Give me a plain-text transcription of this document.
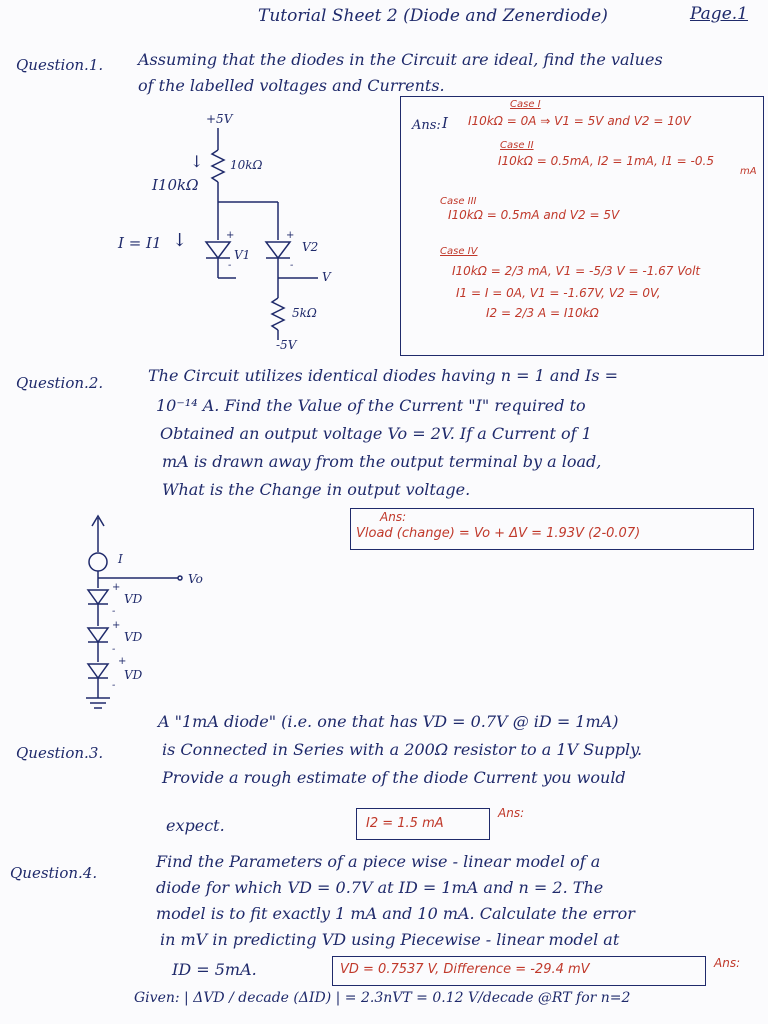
Tutorial Sheet 2 (Diode and Zenerdiode)	Page.1
Question.1. Assuming that the diodes in the Circuit are ideal, find the values
of the labelled voltages and Currents.
+5V
↓ 10kΩ
I10kΩ
I = I1 ↓	+	+
V1
V2
-	-
V
5kΩ
-5V
Ans: I
Case I
I10kΩ = 0A ⇒ V1 = 5V and V2 = 10V
Case II
I10kΩ = 0.5mA, I2 = 1mA, I1 = -0.5
mA
Case III
I10kΩ = 0.5mA and V2 = 5V
Case IV
I10kΩ = 2/3 mA, V1 = -5/3 V = -1.67 Volt
I1 = I = 0A, V1 = -1.67V, V2 = 0V,
I2 = 2/3 A = I10kΩ
Question.2.	The Circuit utilizes identical diodes having n = 1 and Is =
10⁻¹⁴ A. Find the Value of the Current "I" required to
Obtained an output voltage Vo = 2V. If a Current of 1
mA is drawn away from the output terminal by a load,
What is the Change in output voltage.
Ans:
Vload (change) = Vo + ΔV = 1.93V (2-0.07)
I
Vo
+
VD
-
+
VD
-
+
VD
-
Question.3.
A "1mA diode" (i.e. one that has VD = 0.7V @ iD = 1mA)
is Connected in Series with a 200Ω resistor to a 1V Supply.
Provide a rough estimate of the diode Current you would
expect.	I2 = 1.5 mA
Ans:
Question.4.
Find the Parameters of a piece wise - linear model of a
diode for which VD = 0.7V at ID = 1mA and n = 2. The
model is to fit exactly 1 mA and 10 mA. Calculate the error
in mV in predicting VD using Piecewise - linear model at
ID = 5mA.	VD = 0.7537 V, Difference = -29.4 mV	Ans:
Given: | ΔVD / decade (ΔID) | = 2.3nVT = 0.12 V/decade @RT for n=2
